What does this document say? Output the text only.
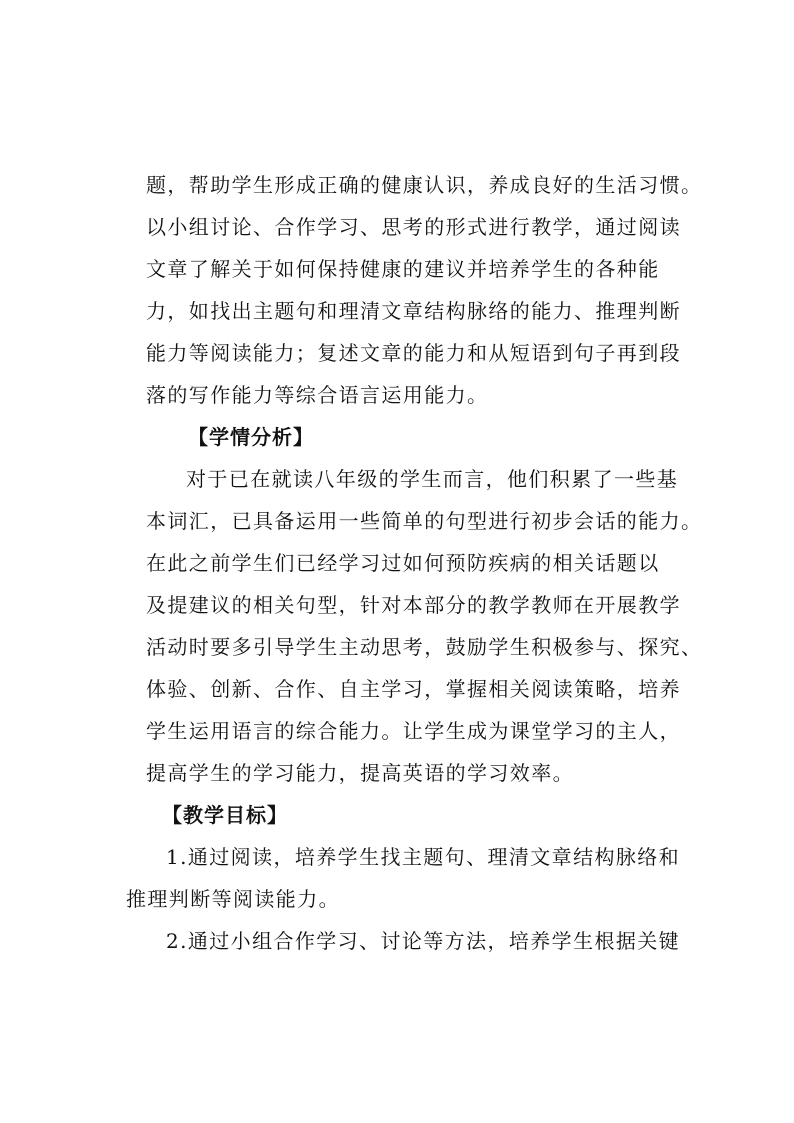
题，帮助学生形成正确的健康认识，养成良好的生活习惯。
以小组讨论、合作学习、思考的形式进行教学，通过阅读
文章了解关于如何保持健康的建议并培养学生的各种能
力，如找出主题句和理清文章结构脉络的能力、推理判断
能力等阅读能力；复述文章的能力和从短语到句子再到段
落的写作能力等综合语言运用能力。
【学情分析】
对于已在就读八年级的学生而言，他们积累了一些基
本词汇，已具备运用一些简单的句型进行初步会话的能力。
在此之前学生们已经学习过如何预防疾病的相关话题以
及提建议的相关句型，针对本部分的教学教师在开展教学
活动时要多引导学生主动思考，鼓励学生积极参与、探究、
体验、创新、合作、自主学习，掌握相关阅读策略，培养
学生运用语言的综合能力。让学生成为课堂学习的主人，
提高学生的学习能力，提高英语的学习效率。
【教学目标】
1.通过阅读，培养学生找主题句、理清文章结构脉络和
推理判断等阅读能力。
2.通过小组合作学习、讨论等方法，培养学生根据关键
